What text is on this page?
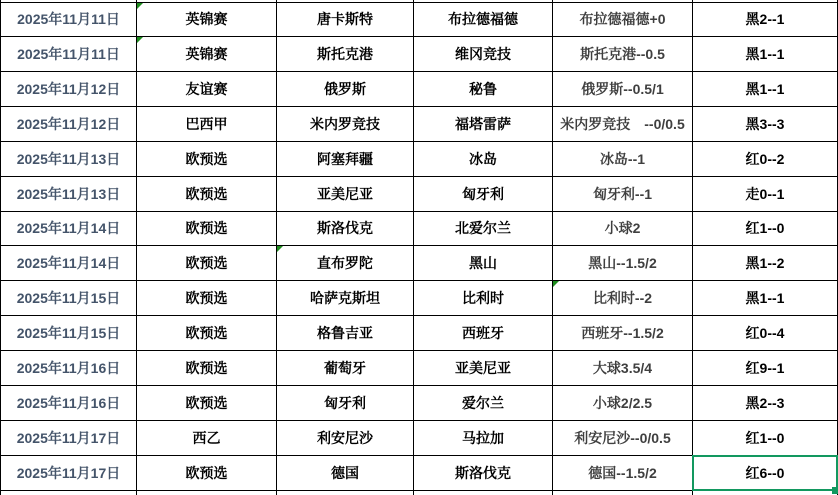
2025年11月11日	英锦赛	唐卡斯特	布拉德福德	布拉德福德+0	黑2--1
2025年11月11日	英锦赛	斯托克港	维冈竞技	斯托克港--0.5	黑1--1
2025年11月12日	友谊赛	俄罗斯	秘鲁	俄罗斯--0.5/1	黑1--1
2025年11月12日	巴西甲	米内罗竞技	福塔雷萨	米内罗竞技　--0/0.5	黑3--3
2025年11月13日	欧预选	阿塞拜疆	冰岛	冰岛--1	红0--2
2025年11月13日	欧预选	亚美尼亚	匈牙利	匈牙利--1	走0--1
2025年11月14日	欧预选	斯洛伐克	北爱尔兰	小球2	红1--0
2025年11月14日	欧预选	直布罗陀	黑山	黑山--1.5/2	黑1--2
2025年11月15日	欧预选	哈萨克斯坦	比利时	比利时--2	黑1--1
2025年11月15日	欧预选	格鲁吉亚	西班牙	西班牙--1.5/2	红0--4
2025年11月16日	欧预选	葡萄牙	亚美尼亚	大球3.5/4	红9--1
2025年11月16日	欧预选	匈牙利	爱尔兰	小球2/2.5	黑2--3
2025年11月17日	西乙	利安尼沙	马拉加	利安尼沙--0/0.5	红1--0
2025年11月17日	欧预选	德国	斯洛伐克	德国--1.5/2	红6--0
